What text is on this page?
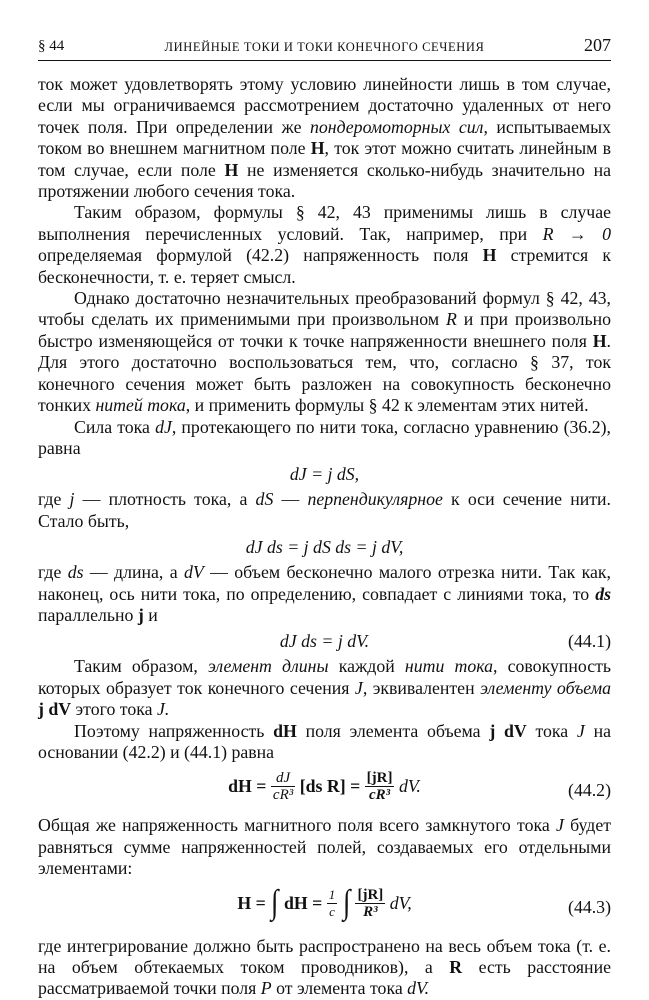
§ 44	ЛИНЕЙНЫЕ ТОКИ И ТОКИ КОНЕЧНОГО СЕЧЕНИЯ	207

ток может удовлетворять этому условию линейности лишь в том случае, если мы ограничиваемся рассмотрением достаточно удаленных от него точек поля. При определении же пондеромоторных сил, испытываемых током во внешнем магнитном поле H, ток этот можно считать линейным в том случае, если поле H не изменяется сколько-нибудь значительно на протяжении любого сечения тока.

Таким образом, формулы § 42, 43 применимы лишь в случае выполнения перечисленных условий. Так, например, при R → 0 определяемая формулой (42.2) напряженность поля H стремится к бесконечности, т. е. теряет смысл.

Однако достаточно незначительных преобразований формул § 42, 43, чтобы сделать их применимыми при произвольном R и при произвольно быстро изменяющейся от точки к точке напряженности внешнего поля H. Для этого достаточно воспользоваться тем, что, согласно § 37, ток конечного сечения может быть разложен на совокупность бесконечно тонких нитей тока, и применить формулы § 42 к элементам этих нитей.

Сила тока dJ, протекающего по нити тока, согласно уравнению (36.2), равна

dJ = j dS,

где j — плотность тока, а dS — перпендикулярное к оси сечение нити. Стало быть,

dJ ds = j dS ds = j dV,

где ds — длина, а dV — объем бесконечно малого отрезка нити. Так как, наконец, ось нити тока, по определению, совпадает с линиями тока, то ds параллельно j и

dJ ds = j dV.	(44.1)

Таким образом, элемент длины каждой нити тока, совокупность которых образует ток конечного сечения J, эквивалентен элементу объема j dV этого тока J.

Поэтому напряженность dH поля элемента объема j dV тока J на основании (42.2) и (44.1) равна

dH = $\frac{dJ}{\text{cR³}} [ds$ $R] = \frac{[jR]}{\text{cR³}}$ dV.	(44.2)

Общая же напряженность магнитного поля всего замкнутого тока J будет равняться сумме напряженностей полей, создаваемых его отдельными элементами:

H = ∫ dH = $\frac{1}{c}$ ∫ $\frac{[jR]}{\text{R³}}$ dV,	(44.3)

где интегрирование должно быть распространено на весь объем тока (т. е. на объем обтекаемых током проводников), а R есть расстояние рассматриваемой точки поля P от элемента тока dV.
